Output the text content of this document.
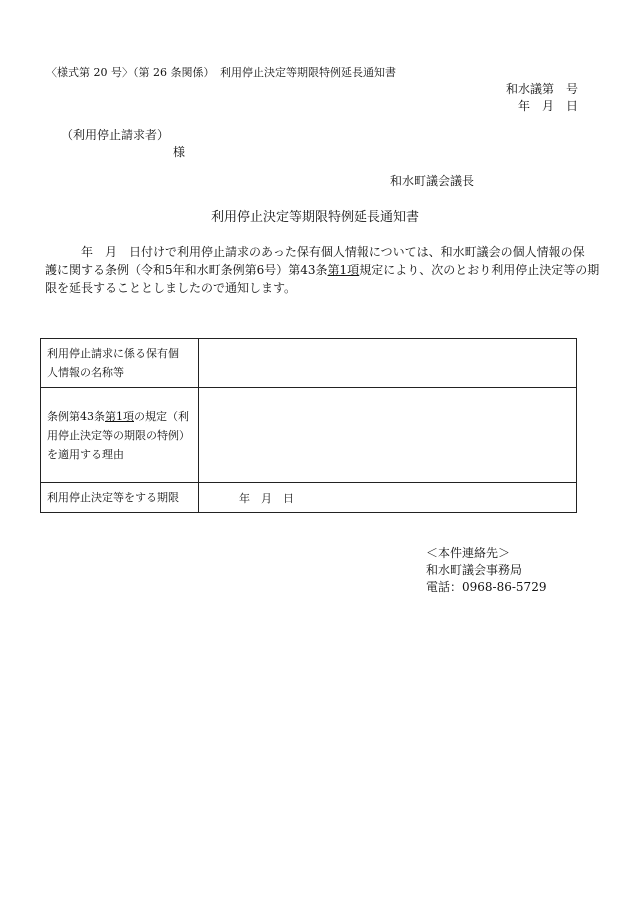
〈様式第 20 号〉（第 26 条関係）　利用停止決定等期限特例延長通知書
和水議第　号
年　月　日
（利用停止請求者）
様
和水町議会議長
利用停止決定等期限特例延長通知書
　　　年　月　日付けで利用停止請求のあった保有個人情報については、和水町議会の個人情報の保
護に関する条例（令和5年和水町条例第6号）第43条第1項規定により、次のとおり利用停止決定等の期
限を延長することとしましたので通知します。
利用停止請求に係る保有個
人情報の名称等	

条例第43条第1項の規定（利
用停止決定等の期限の特例）
を適用する理由	

利用停止決定等をする期限	年　月　日
＜本件連絡先＞
和水町議会事務局
電話：0968-86-5729
